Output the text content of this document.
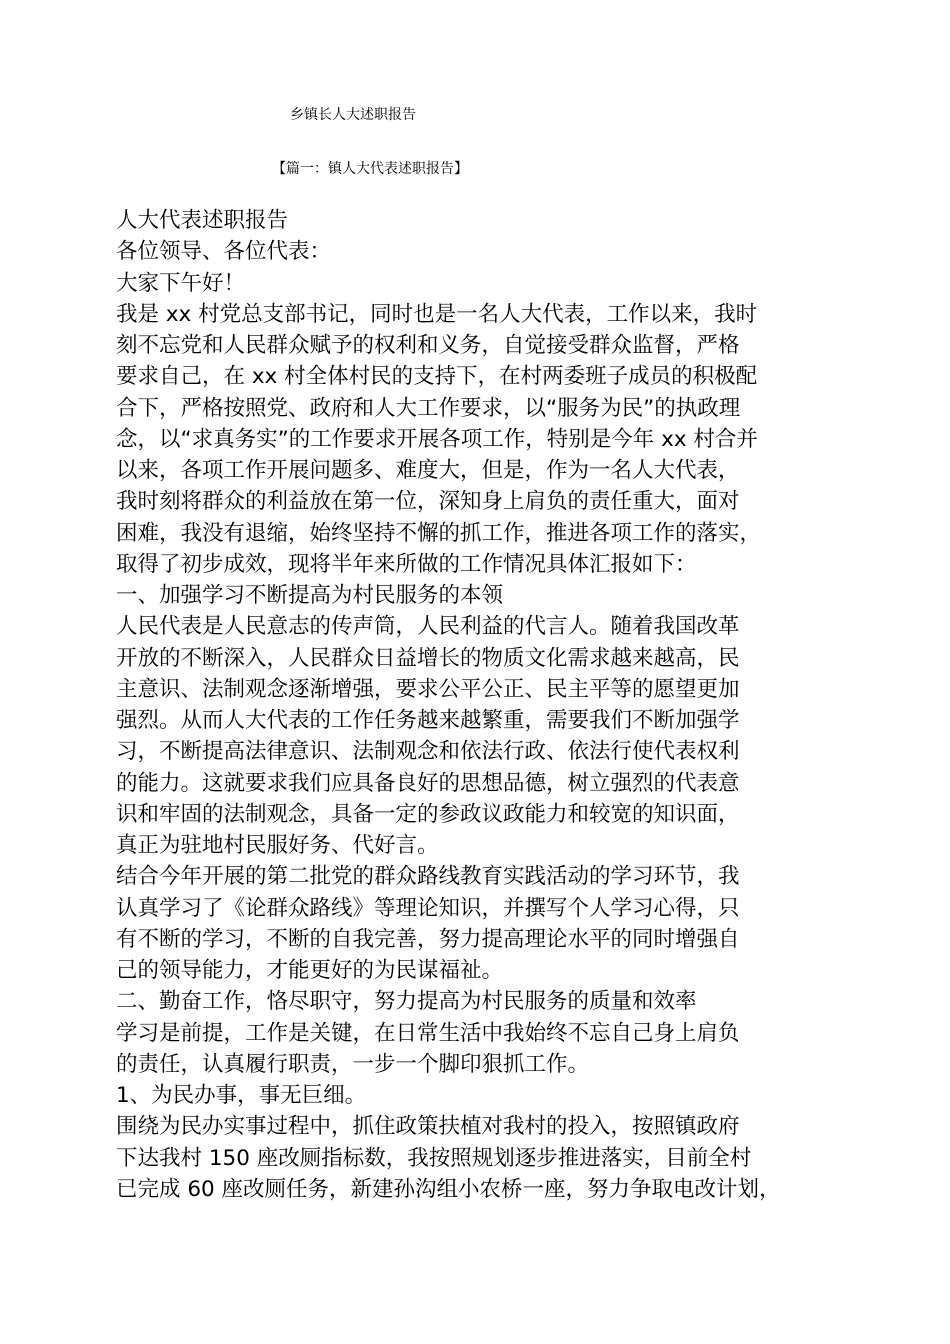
乡镇长人大述职报告
【篇一：镇人大代表述职报告】
人大代表述职报告
各位领导、各位代表：
大家下午好！
我是 xx 村党总支部书记，同时也是一名人大代表，工作以来，我时
刻不忘党和人民群众赋予的权利和义务，自觉接受群众监督，严格
要求自己，在 xx 村全体村民的支持下，在村两委班子成员的积极配
合下，严格按照党、政府和人大工作要求，以“服务为民”的执政理
念，以“求真务实”的工作要求开展各项工作，特别是今年 xx 村合并
以来，各项工作开展问题多、难度大，但是，作为一名人大代表，
我时刻将群众的利益放在第一位，深知身上肩负的责任重大，面对
困难，我没有退缩，始终坚持不懈的抓工作，推进各项工作的落实，
取得了初步成效，现将半年来所做的工作情况具体汇报如下：
一、加强学习不断提高为村民服务的本领
人民代表是人民意志的传声筒，人民利益的代言人。随着我国改革
开放的不断深入，人民群众日益增长的物质文化需求越来越高，民
主意识、法制观念逐渐增强，要求公平公正、民主平等的愿望更加
强烈。从而人大代表的工作任务越来越繁重，需要我们不断加强学
习，不断提高法律意识、法制观念和依法行政、依法行使代表权利
的能力。这就要求我们应具备良好的思想品德，树立强烈的代表意
识和牢固的法制观念，具备一定的参政议政能力和较宽的知识面，
真正为驻地村民服好务、代好言。
结合今年开展的第二批党的群众路线教育实践活动的学习环节，我
认真学习了《论群众路线》等理论知识，并撰写个人学习心得，只
有不断的学习，不断的自我完善，努力提高理论水平的同时增强自
己的领导能力，才能更好的为民谋福祉。
二、勤奋工作，恪尽职守，努力提高为村民服务的质量和效率
学习是前提，工作是关键，在日常生活中我始终不忘自己身上肩负
的责任，认真履行职责，一步一个脚印狠抓工作。
1、为民办事，事无巨细。
围绕为民办实事过程中，抓住政策扶植对我村的投入，按照镇政府
下达我村 150 座改厕指标数，我按照规划逐步推进落实，目前全村
已完成 60 座改厕任务，新建孙沟组小农桥一座，努力争取电改计划，
